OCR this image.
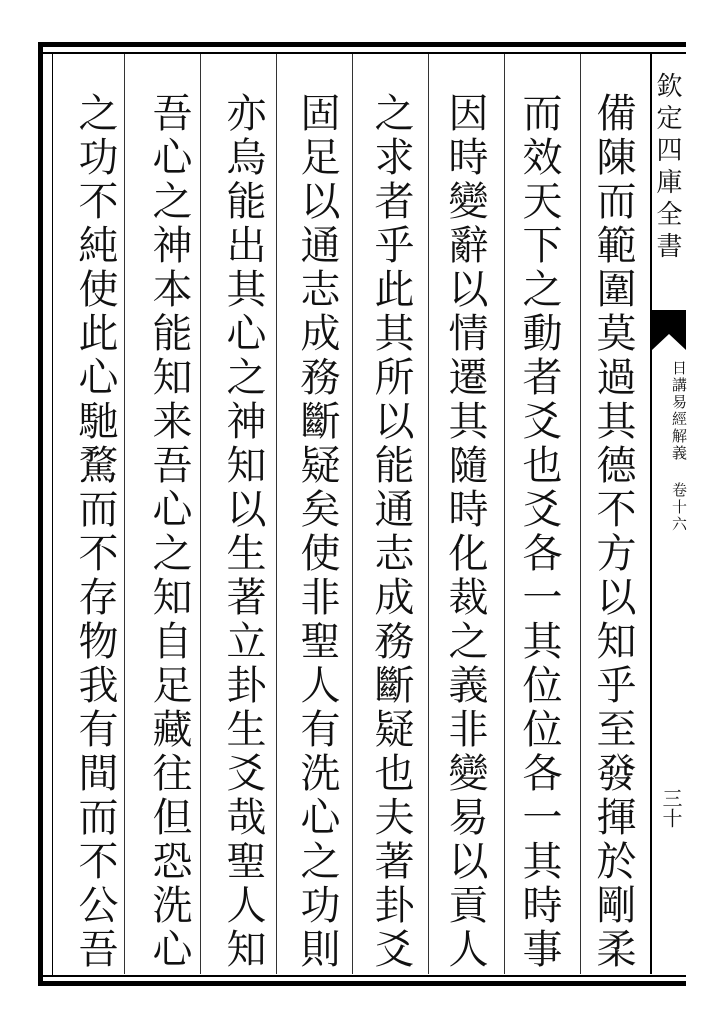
備陳而範圍莫過其德不方以知乎至發揮於剛柔
而效天下之動者爻也爻各一其位位各一其時事
因時變辭以情遷其隨時化裁之義非變易以貢人
之求者乎此其所以能通志成務斷疑也夫著卦爻
固足以通志成務斷疑矣使非聖人有洗心之功則
亦烏能出其心之神知以生著立卦生爻哉聖人知
吾心之神本能知来吾心之知自足藏往但恐洗心
之功不純使此心馳騖而不存物我有間而不公吾	欽定四庫全書
日講易經解義 卷十六
三十
